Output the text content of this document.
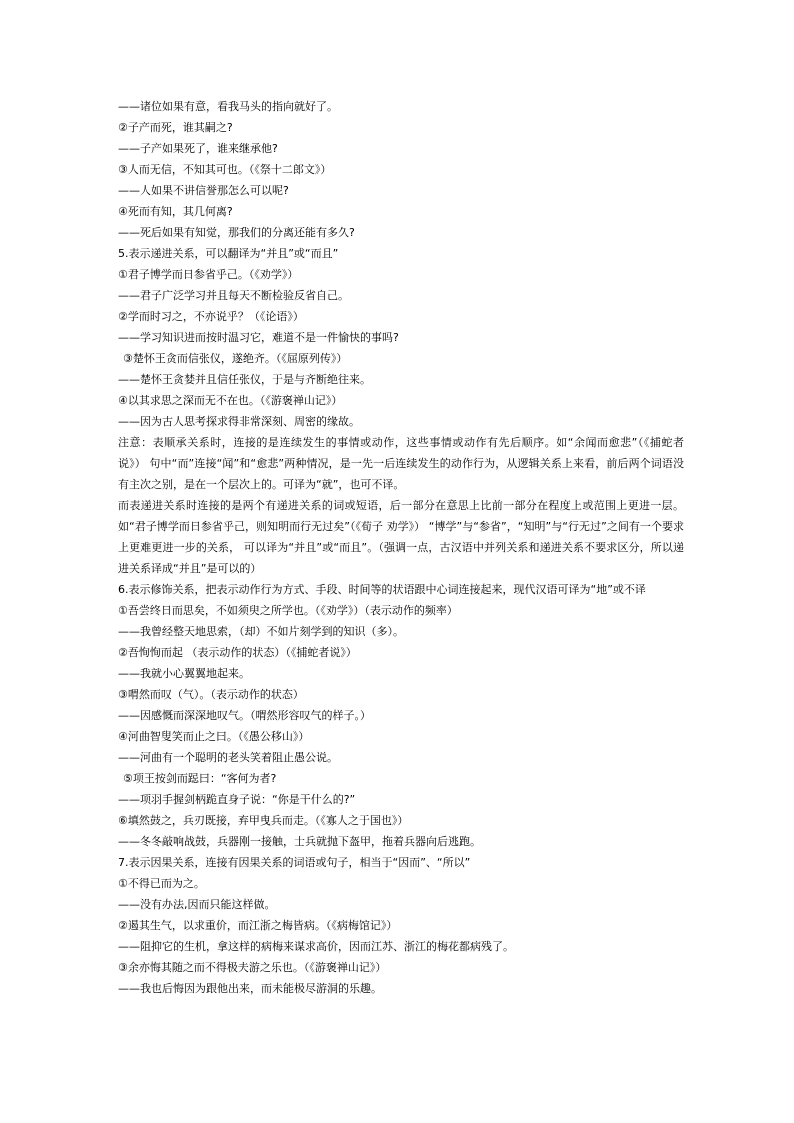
——诸位如果有意，看我马头的指向就好了。

②子产而死，谁其嗣之?

——子产如果死了，谁来继承他?

③人而无信，不知其可也。（《祭十二郎文》）

——人如果不讲信誉那怎么可以呢?

④死而有知，其几何离?

——死后如果有知觉，那我们的分离还能有多久?

5.表示递进关系，可以翻译为“并且”或“而且”

①君子博学而日参省乎己。（《劝学》）

——君子广泛学习并且每天不断检验反省自己。

②学而时习之，不亦说乎？（《论语》）

——学习知识进而按时温习它，难道不是一件愉快的事吗?

③楚怀王贪而信张仪，遂绝齐。（《屈原列传》）

——楚怀王贪婪并且信任张仪，于是与齐断绝往来。

④以其求思之深而无不在也。（《游褒禅山记》）

——因为古人思考探求得非常深刻、周密的缘故。

注意：表顺承关系时，连接的是连续发生的事情或动作，这些事情或动作有先后顺序。如“余闻而愈悲”（《捕蛇者说》） 句中“而”连接“闻”和“愈悲”两种情况，是一先一后连续发生的动作行为，从逻辑关系上来看，前后两个词语没有主次之别，是在一个层次上的。可译为“就”，也可不译。

而表递进关系时连接的是两个有递进关系的词或短语，后一部分在意思上比前一部分在程度上或范围上更进一层。如“君子博学而日参省乎己，则知明而行无过矣”（《荀子 劝学》） “博学”与“参省”，“知明”与“行无过”之间有一个要求上更难更进一步的关系， 可以译为“并且”或“而且”。（强调一点，古汉语中并列关系和递进关系不要求区分，所以递进关系译成“并且”是可以的）

6.表示修饰关系，把表示动作行为方式、手段、时间等的状语跟中心词连接起来，现代汉语可译为“地”或不译

①吾尝终日而思矣，不如须臾之所学也。（《劝学》）（表示动作的频率）

——我曾经整天地思索，（却）不如片刻学到的知识（多）。

②吾恂恂而起 （表示动作的状态）（《捕蛇者说》）

——我就小心翼翼地起来。

③喟然而叹（气）。（表示动作的状态）

——因感慨而深深地叹气。（喟然形容叹气的样子。）

④河曲智叟笑而止之曰。（《愚公移山》）

——河曲有一个聪明的老头笑着阻止愚公说。

⑤项王按剑而跽曰：“客何为者?

——项羽手握剑柄跪直身子说：“你是干什么的?”

⑥填然鼓之，兵刃既接，弃甲曳兵而走。（《寡人之于国也》）

——冬冬敲响战鼓，兵器刚一接触，士兵就抛下盔甲，拖着兵器向后逃跑。

7.表示因果关系，连接有因果关系的词语或句子，相当于“因而”、“所以”

①不得已而为之。

——没有办法,因而只能这样做。

②遏其生气，以求重价，而江浙之梅皆病。（《病梅馆记》）

——阻抑它的生机，拿这样的病梅来谋求高价，因而江苏、浙江的梅花都病残了。

③余亦悔其随之而不得极夫游之乐也。（《游褒禅山记》）

——我也后悔因为跟他出来，而未能极尽游洞的乐趣。
